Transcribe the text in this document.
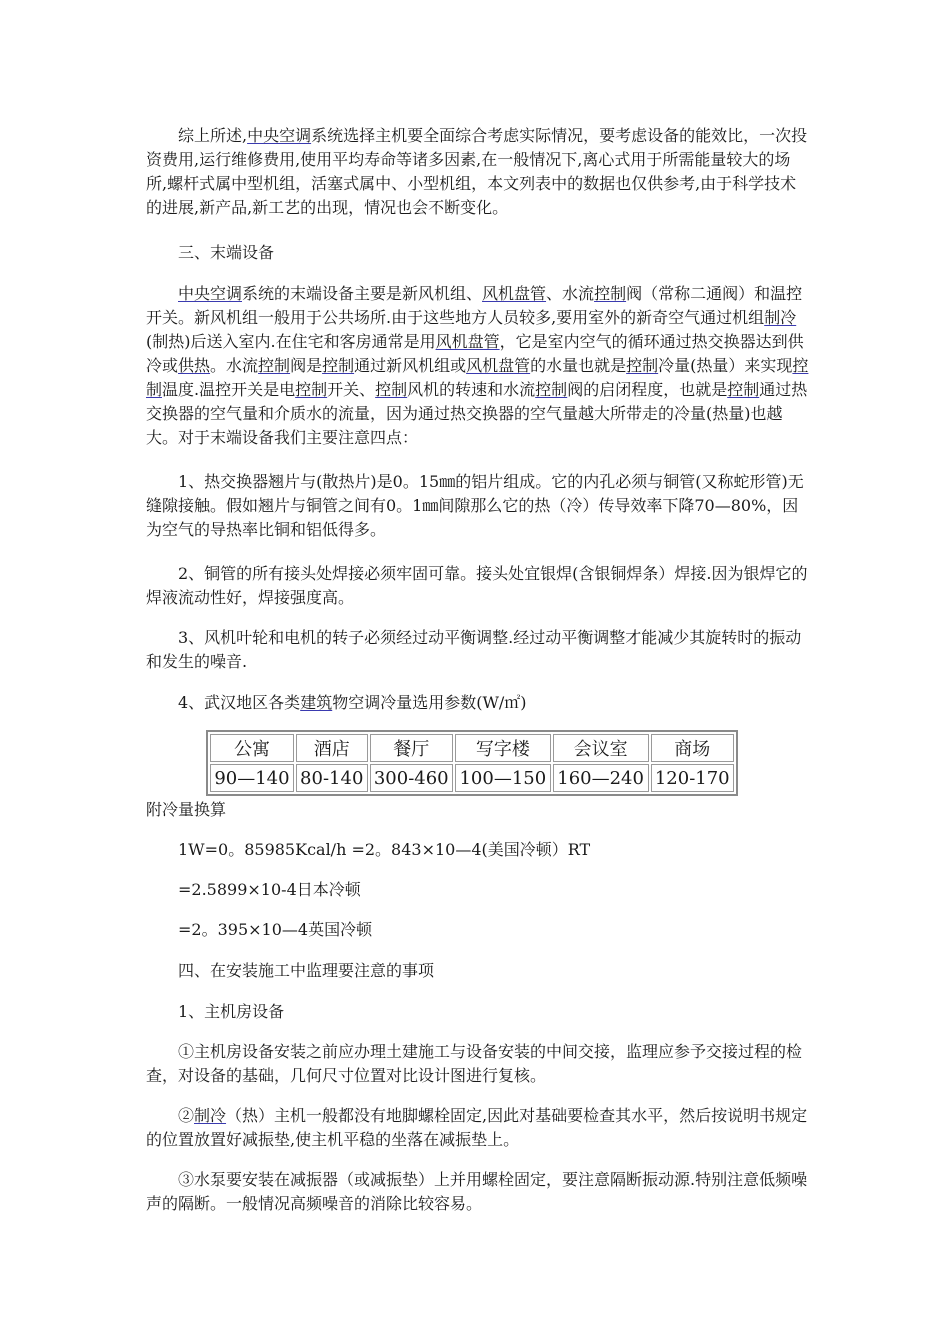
综上所述,中央空调系统选择主机要全面综合考虑实际情况，要考虑设备的能效比，一次投资费用,运行维修费用,使用平均寿命等诸多因素,在一般情况下,离心式用于所需能量较大的场所,螺杆式属中型机组，活塞式属中、小型机组，本文列表中的数据也仅供参考,由于科学技术的进展,新产品,新工艺的出现，情况也会不断变化。

三、末端设备

中央空调系统的末端设备主要是新风机组、风机盘管、水流控制阀（常称二通阀）和温控开关。新风机组一般用于公共场所.由于这些地方人员较多,要用室外的新奇空气通过机组制冷(制热)后送入室内.在住宅和客房通常是用风机盘管，它是室内空气的循环通过热交换器达到供冷或供热。水流控制阀是控制通过新风机组或风机盘管的水量也就是控制冷量(热量）来实现控制温度.温控开关是电控制开关、控制风机的转速和水流控制阀的启闭程度，也就是控制通过热交换器的空气量和介质水的流量，因为通过热交换器的空气量越大所带走的冷量(热量)也越大。对于末端设备我们主要注意四点：

1、热交换器翘片与(散热片)是0。15㎜的铝片组成。它的内孔必须与铜管(又称蛇形管)无缝隙接触。假如翘片与铜管之间有0。1㎜间隙那么它的热（冷）传导效率下降70—80%，因为空气的导热率比铜和铝低得多。

2、铜管的所有接头处焊接必须牢固可靠。接头处宜银焊(含银铜焊条）焊接.因为银焊它的焊液流动性好，焊接强度高。

3、风机叶轮和电机的转子必须经过动平衡调整.经过动平衡调整才能减少其旋转时的振动和发生的噪音.

4、武汉地区各类建筑物空调冷量选用参数(W/㎡)

公寓	酒店	餐厅	写字楼	会议室	商场
90—140	80-140	300-460	100—150	160—240	120-170

附冷量换算

1W=0。85985Kcal/h =2。843×10—4(美国冷顿）RT

=2.5899×10-4日本冷顿

=2。395×10—4英国冷顿

四、在安装施工中监理要注意的事项

1、主机房设备

①主机房设备安装之前应办理土建施工与设备安装的中间交接，监理应参予交接过程的检查，对设备的基础，几何尺寸位置对比设计图进行复核。

②制冷（热）主机一般都没有地脚螺栓固定,因此对基础要检查其水平，然后按说明书规定的位置放置好减振垫,使主机平稳的坐落在减振垫上。

③水泵要安装在减振器（或减振垫）上并用螺栓固定，要注意隔断振动源.特别注意低频噪声的隔断。一般情况高频噪音的消除比较容易。
